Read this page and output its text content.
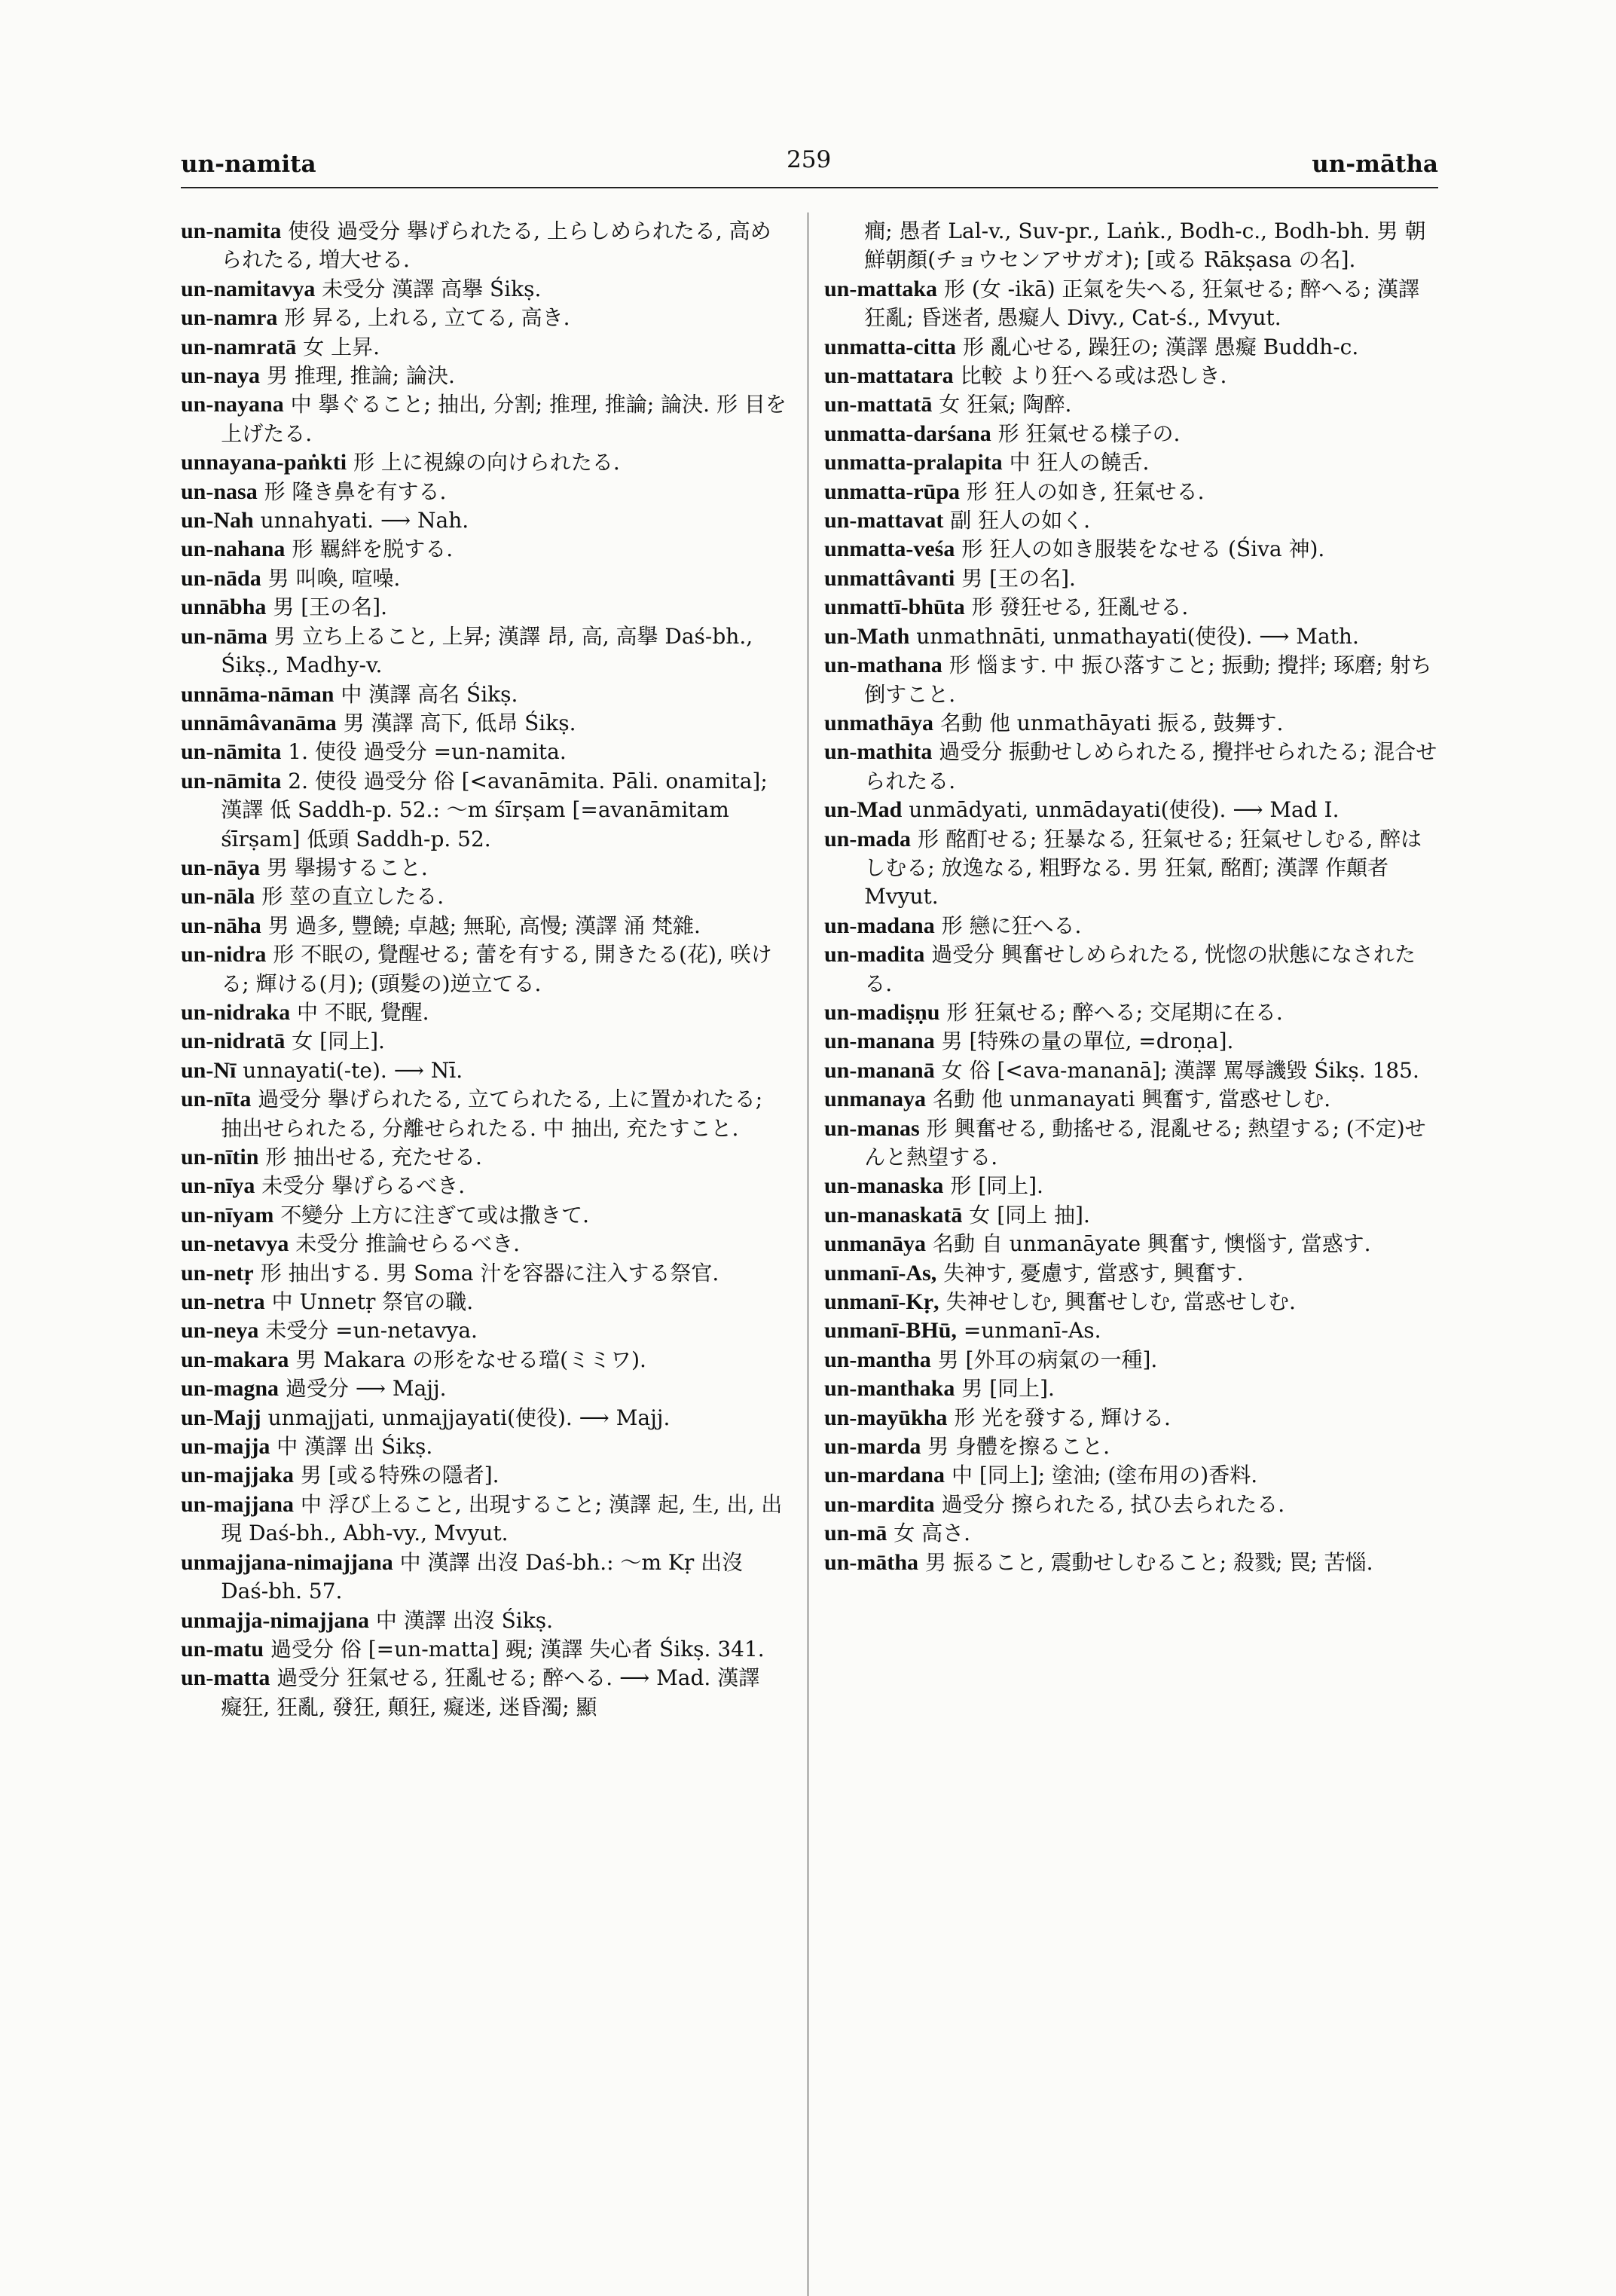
un-namita	259	un-māthа

un-namita 使役 過受分 擧げられたる, 上らしめられたる, 高められたる, 増大せる.

un-namitavya 未受分 漢譯 高擧 Śikṣ.

un-namra 形 昇る, 上れる, 立てる, 高き.

un-namratā 女 上昇.

un-naya 男 推理, 推論; 論決.

un-nayana 中 擧ぐること; 抽出, 分割; 推理, 推論; 論決. 形 目を上げたる.

unnayana-paṅkti 形 上に視線の向けられたる.

un-nasa 形 隆き鼻を有する.

un-Nah unnahyati. ⟶ Nah.

un-nahana 形 羈絆を脱する.

un-nāda 男 叫喚, 喧噪.

unnābha 男 [王の名].

un-nāma 男 立ち上ること, 上昇; 漢譯 昂, 高, 高擧 Daś-bh., Śikṣ., Madhy-v.

unnāma-nāman 中 漢譯 高名 Śikṣ.

unnāmâvanāma 男 漢譯 高下, 低昂 Śikṣ.

un-nāmita 1. 使役 過受分 =un-namita.

un-nāmita 2. 使役 過受分 俗 [<avanāmita. Pāli. onamita]; 漢譯 低 Saddh-p. 52.: 〜m śīrṣam [=avanāmitam śīrṣam] 低頭 Saddh-p. 52.

un-nāya 男 擧揚すること.

un-nāla 形 莖の直立したる.

un-nāha 男 過多, 豐饒; 卓越; 無恥, 高慢; 漢譯 涌 梵雜.

un-nidra 形 不眠の, 覺醒せる; 蕾を有する, 開きたる(花), 咲ける; 輝ける(月); (頭髮の)逆立てる.

un-nidraka 中 不眠, 覺醒.

un-nidratā 女 [同上].

un-Nī unnayati(-te). ⟶ Nī.

un-nīta 過受分 擧げられたる, 立てられたる, 上に置かれたる; 抽出せられたる, 分離せられたる. 中 抽出, 充たすこと.

un-nītin 形 抽出せる, 充たせる.

un-nīya 未受分 擧げらるべき.

un-nīyam 不變分 上方に注ぎて或は撒きて.

un-netavya 未受分 推論せらるべき.

un-netṛ 形 抽出する. 男 Soma 汁を容器に注入する祭官.

un-netra 中 Unnetṛ 祭官の職.

un-neya 未受分 =un-netavya.

un-makara 男 Makara の形をなせる璫(ミミワ).

un-magna 過受分 ⟶ Majj.

un-Majj unmajjati, unmajjayati(使役). ⟶ Majj.

un-majja 中 漢譯 出 Śikṣ.

un-majjaka 男 [或る特殊の隱者].

un-majjana 中 浮び上ること, 出現すること; 漢譯 起, 生, 出, 出現 Daś-bh., Abh-vy., Mvyut.

unmajjana-nimajjana 中 漢譯 出沒 Daś-bh.: 〜m Kṛ 出沒 Daś-bh. 57.

unmajja-nimajjana 中 漢譯 出沒 Śikṣ.

un-matu 過受分 俗 [=un-matta] 覡; 漢譯 失心者 Śikṣ. 341.

un-matta 過受分 狂氣せる, 狂亂せる; 醉へる. ⟶ Mad. 漢譯 癡狂, 狂亂, 發狂, 顛狂, 癡迷, 迷昏濁; 顯

癎; 愚者 Lal-v., Suv-pr., Laṅk., Bodh-c., Bodh-bh. 男 朝鮮朝顏(チョウセンアサガオ); [或る Rākṣasa の名].

un-mattaka 形 (女 -ikā) 正氣を失へる, 狂氣せる; 醉へる; 漢譯 狂亂; 昏迷者, 愚癡人 Divy., Cat-ś., Mvyut.

unmatta-citta 形 亂心せる, 躁狂の; 漢譯 愚癡 Buddh-c.

un-mattatara 比較 より狂へる或は恐しき.

un-mattatā 女 狂氣; 陶醉.

unmatta-darśana 形 狂氣せる樣子の.

unmatta-pralapita 中 狂人の饒舌.

unmatta-rūpa 形 狂人の如き, 狂氣せる.

un-mattavat 副 狂人の如く.

unmatta-veśa 形 狂人の如き服裝をなせる (Śiva 神).

unmattâvanti 男 [王の名].

unmattī-bhūta 形 發狂せる, 狂亂せる.

un-Math unmathnāti, unmathayati(使役). ⟶ Math.

un-mathana 形 惱ます. 中 振ひ落すこと; 振動; 攪拌; 琢磨; 射ち倒すこと.

unmathāya 名動 他 unmathāyati 振る, 鼓舞す.

un-mathita 過受分 振動せしめられたる, 攪拌せられたる; 混合せられたる.

un-Mad unmādyati, unmādayati(使役). ⟶ Mad I.

un-mada 形 酩酊せる; 狂暴なる, 狂氣せる; 狂氣せしむる, 醉はしむる; 放逸なる, 粗野なる. 男 狂氣, 酩酊; 漢譯 作顛者 Mvyut.

un-madana 形 戀に狂へる.

un-madita 過受分 興奮せしめられたる, 恍惚の狀態になされたる.

un-madiṣṇu 形 狂氣せる; 醉へる; 交尾期に在る.

un-manana 男 [特殊の量の單位, =droṇa].

un-mananā 女 俗 [<ava-mananā]; 漢譯 罵辱譏毀 Śikṣ. 185.

unmanaya 名動 他 unmanayati 興奮す, 當惑せしむ.

un-manas 形 興奮せる, 動搖せる, 混亂せる; 熱望する; (不定)せんと熱望する.

un-manaska 形 [同上].

un-manaskatā 女 [同上 抽].

unmanāya 名動 自 unmanāyate 興奮す, 懊惱す, 當惑す.

unmanī-As, 失神す, 憂慮す, 當惑す, 興奮す.

unmanī-Kṛ, 失神せしむ, 興奮せしむ, 當惑せしむ.

unmanī-BHū, =unmanī-As.

un-mantha 男 [外耳の病氣の一種].

un-manthaka 男 [同上].

un-mayūkha 形 光を發する, 輝ける.

un-marda 男 身體を擦ること.

un-mardana 中 [同上]; 塗油; (塗布用の)香料.

un-mardita 過受分 擦られたる, 拭ひ去られたる.

un-mā 女 高さ.

un-mātha 男 振ること, 震動せしむること; 殺戮; 罠; 苦惱.
